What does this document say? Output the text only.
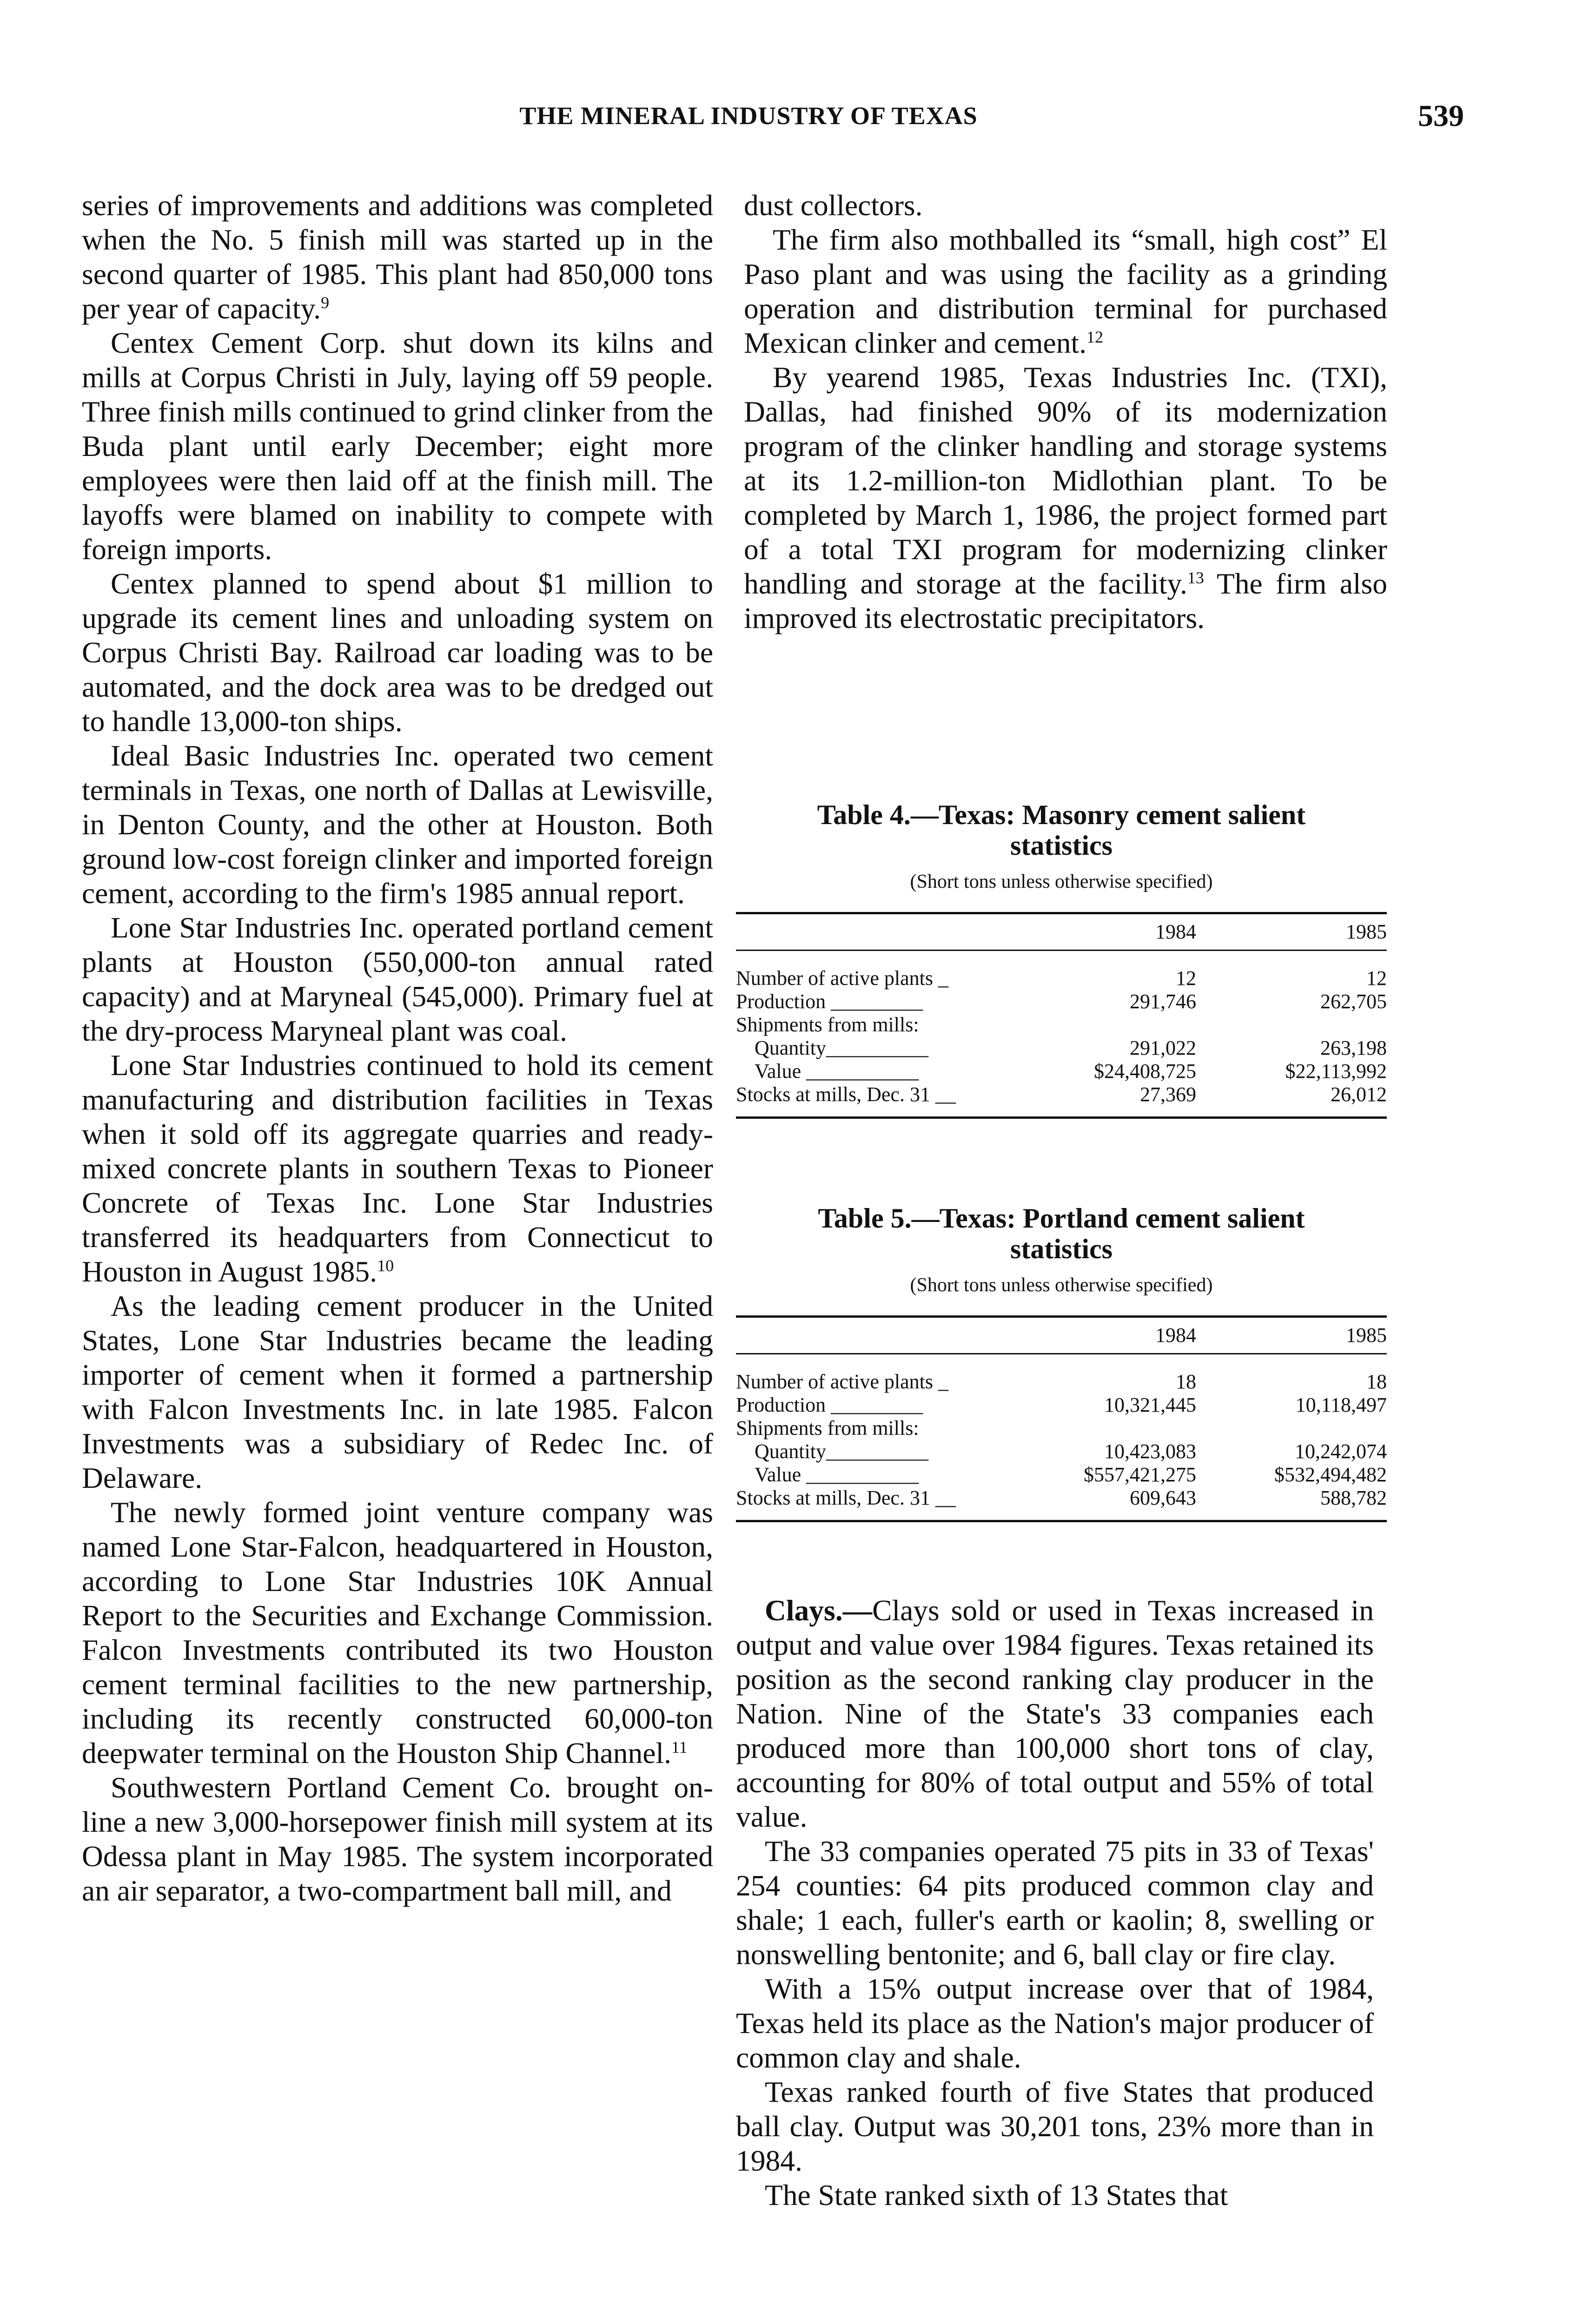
THE MINERAL INDUSTRY OF TEXAS	539

series of improvements and additions was completed when the No. 5 finish mill was started up in the second quarter of 1985. This plant had 850,000 tons per year of capacity.$^9$

Centex Cement Corp. shut down its kilns and mills at Corpus Christi in July, laying off 59 people. Three finish mills continued to grind clinker from the Buda plant until early December; eight more employees were then laid off at the finish mill. The layoffs were blamed on inability to compete with foreign imports.

Centex planned to spend about $1 million to upgrade its cement lines and unloading system on Corpus Christi Bay. Railroad car loading was to be automated, and the dock area was to be dredged out to handle 13,000-ton ships.

Ideal Basic Industries Inc. operated two cement terminals in Texas, one north of Dallas at Lewisville, in Denton County, and the other at Houston. Both ground low-cost foreign clinker and imported foreign cement, according to the firm's 1985 annual report.

Lone Star Industries Inc. operated portland cement plants at Houston (550,000-ton annual rated capacity) and at Maryneal (545,000). Primary fuel at the dry-process Maryneal plant was coal.

Lone Star Industries continued to hold its cement manufacturing and distribution facilities in Texas when it sold off its aggregate quarries and ready-mixed concrete plants in southern Texas to Pioneer Concrete of Texas Inc. Lone Star Industries transferred its headquarters from Connecticut to Houston in August 1985.10

As the leading cement producer in the United States, Lone Star Industries became the leading importer of cement when it formed a partnership with Falcon Investments Inc. in late 1985. Falcon Investments was a subsidiary of Redec Inc. of Delaware.

The newly formed joint venture company was named Lone Star-Falcon, headquartered in Houston, according to Lone Star Industries 10K Annual Report to the Securities and Exchange Commission. Falcon Investments contributed its two Houston cement terminal facilities to the new partnership, including its recently constructed 60,000-ton deepwater terminal on the Houston Ship Channel.$^{11}$

Southwestern Portland Cement Co. brought on-line a new 3,000-horsepower finish mill system at its Odessa plant in May 1985. The system incorporated an air separator, a two-compartment ball mill, and

dust collectors.

The firm also mothballed its “small, high cost” El Paso plant and was using the facility as a grinding operation and distribution terminal for purchased Mexican clinker and cement.$^{12}$

By yearend 1985, Texas Industries Inc. (TXI), Dallas, had finished 90% of its modernization program of the clinker handling and storage systems at its 1.2-million-ton Midlothian plant. To be completed by March 1, 1986, the project formed part of a total TXI program for modernizing clinker handling and storage at the facility.$^{13}$ The firm also improved its electrostatic precipitators.

Table 4.—Texas: Masonry cement salient statistics
(Short tons unless otherwise specified)
1984	1985
Number of active plants _	12	12
Production _________	291,746	262,705
Shipments from mills:
Quantity__________	291,022	263,198
Value ___________	$24,408,725	$22,113,992
Stocks at mills, Dec. 31 __	27,369	26,012
Table 5.—Texas: Portland cement salient statistics
(Short tons unless otherwise specified)
1984	1985
Number of active plants _	18	18
Production _________	10,321,445	10,118,497
Shipments from mills:
Quantity__________	10,423,083	10,242,074
Value ___________	$557,421,275	$532,494,482
Stocks at mills, Dec. 31 __	609,643	588,782

Clays.—Clays sold or used in Texas increased in output and value over 1984 figures. Texas retained its position as the second ranking clay producer in the Nation. Nine of the State's 33 companies each produced more than 100,000 short tons of clay, accounting for 80% of total output and 55% of total value.

The 33 companies operated 75 pits in 33 of Texas' 254 counties: 64 pits produced common clay and shale; 1 each, fuller's earth or kaolin; 8, swelling or nonswelling bentonite; and 6, ball clay or fire clay.

With a 15% output increase over that of 1984, Texas held its place as the Nation's major producer of common clay and shale.

Texas ranked fourth of five States that produced ball clay. Output was 30,201 tons, 23% more than in 1984.

The State ranked sixth of 13 States that
